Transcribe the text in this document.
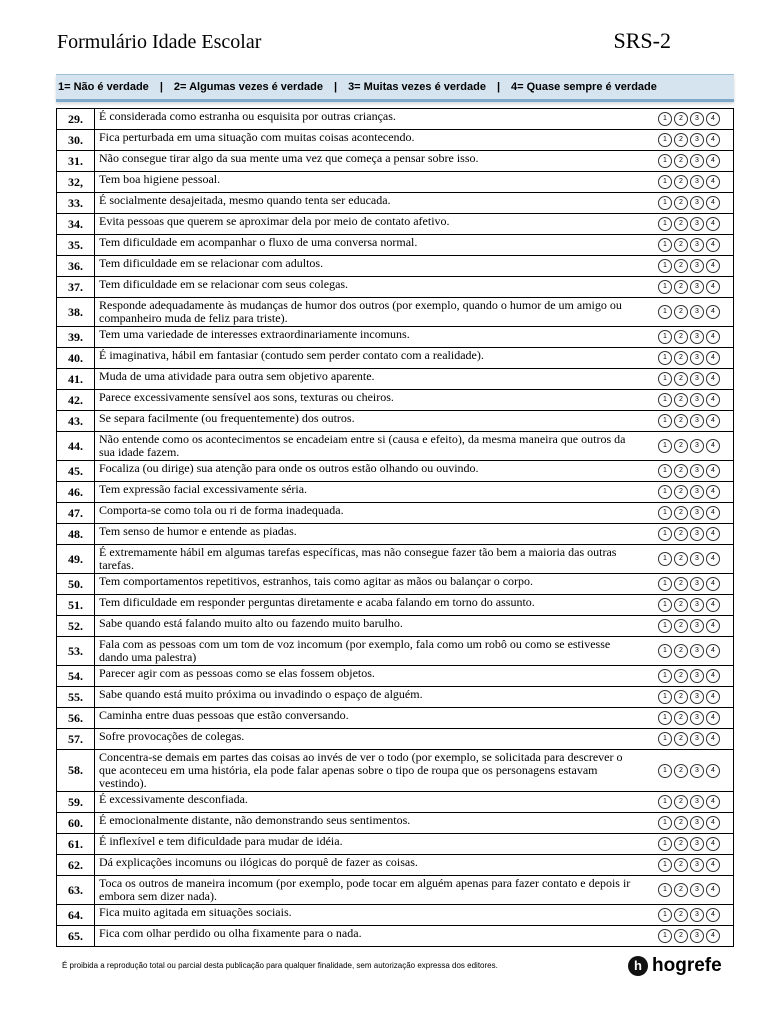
Formulário Idade Escolar	SRS-2
1= Não é verdade | 2= Algumas vezes é verdade | 3= Muitas vezes é verdade | 4= Quase sempre é verdade
29.	É considerada como estranha ou esquisita por outras crianças.	1 2 3 4
30.	Fica perturbada em uma situação com muitas coisas acontecendo.	1 2 3 4
31.	Não consegue tirar algo da sua mente uma vez que começa a pensar sobre isso.	1 2 3 4
32,	Tem boa higiene pessoal.	1 2 3 4
33.	É socialmente desajeitada, mesmo quando tenta ser educada.	1 2 3 4
34.	Evita pessoas que querem se aproximar dela por meio de contato afetivo.	1 2 3 4
35.	Tem dificuldade em acompanhar o fluxo de uma conversa normal.	1 2 3 4
36.	Tem dificuldade em se relacionar com adultos.	1 2 3 4
37.	Tem dificuldade em se relacionar com seus colegas.	1 2 3 4
38.	Responde adequadamente às mudanças de humor dos outros (por exemplo, quando o humor de um amigo ou companheiro muda de feliz para triste).	1 2 3 4
39.	Tem uma variedade de interesses extraordinariamente incomuns.	1 2 3 4
40.	É imaginativa, hábil em fantasiar (contudo sem perder contato com a realidade).	1 2 3 4
41.	Muda de uma atividade para outra sem objetivo aparente.	1 2 3 4
42.	Parece excessivamente sensível aos sons, texturas ou cheiros.	1 2 3 4
43.	Se separa facilmente (ou frequentemente) dos outros.	1 2 3 4
44.	Não entende como os acontecimentos se encadeiam entre si (causa e efeito), da mesma maneira que outros da sua idade fazem.	1 2 3 4
45.	Focaliza (ou dirige) sua atenção para onde os outros estão olhando ou ouvindo.	1 2 3 4
46.	Tem expressão facial excessivamente séria.	1 2 3 4
47.	Comporta-se como tola ou ri de forma inadequada.	1 2 3 4
48.	Tem senso de humor e entende as piadas.	1 2 3 4
49.	É extremamente hábil em algumas tarefas específicas, mas não consegue fazer tão bem a maioria das outras tarefas.	1 2 3 4
50.	Tem comportamentos repetitivos, estranhos, tais como agitar as mãos ou balançar o corpo.	1 2 3 4
51.	Tem dificuldade em responder perguntas diretamente e acaba falando em torno do assunto.	1 2 3 4
52.	Sabe quando está falando muito alto ou fazendo muito barulho.	1 2 3 4
53.	Fala com as pessoas com um tom de voz incomum (por exemplo, fala como um robô ou como se estivesse dando uma palestra)	1 2 3 4
54.	Parecer agir com as pessoas como se elas fossem objetos.	1 2 3 4
55.	Sabe quando está muito próxima ou invadindo o espaço de alguém.	1 2 3 4
56.	Caminha entre duas pessoas que estão conversando.	1 2 3 4
57.	Sofre provocações de colegas.	1 2 3 4
58.	Concentra-se demais em partes das coisas ao invés de ver o todo (por exemplo, se solicitada para descrever o que aconteceu em uma história, ela pode falar apenas sobre o tipo de roupa que os personagens estavam vestindo).	1 2 3 4
59.	É excessivamente desconfiada.	1 2 3 4
60.	É emocionalmente distante, não demonstrando seus sentimentos.	1 2 3 4
61.	É inflexível e tem dificuldade para mudar de idéia.	1 2 3 4
62.	Dá explicações incomuns ou ilógicas do porquê de fazer as coisas.	1 2 3 4
63.	Toca os outros de maneira incomum (por exemplo, pode tocar em alguém apenas para fazer contato e depois ir embora sem dizer nada).	1 2 3 4
64.	Fica muito agitada em situações sociais.	1 2 3 4
65.	Fica com olhar perdido ou olha fixamente para o nada.	1 2 3 4
É proibida a reprodução total ou parcial desta publicação para qualquer finalidade, sem autorização expressa dos editores.	h hogrefe
